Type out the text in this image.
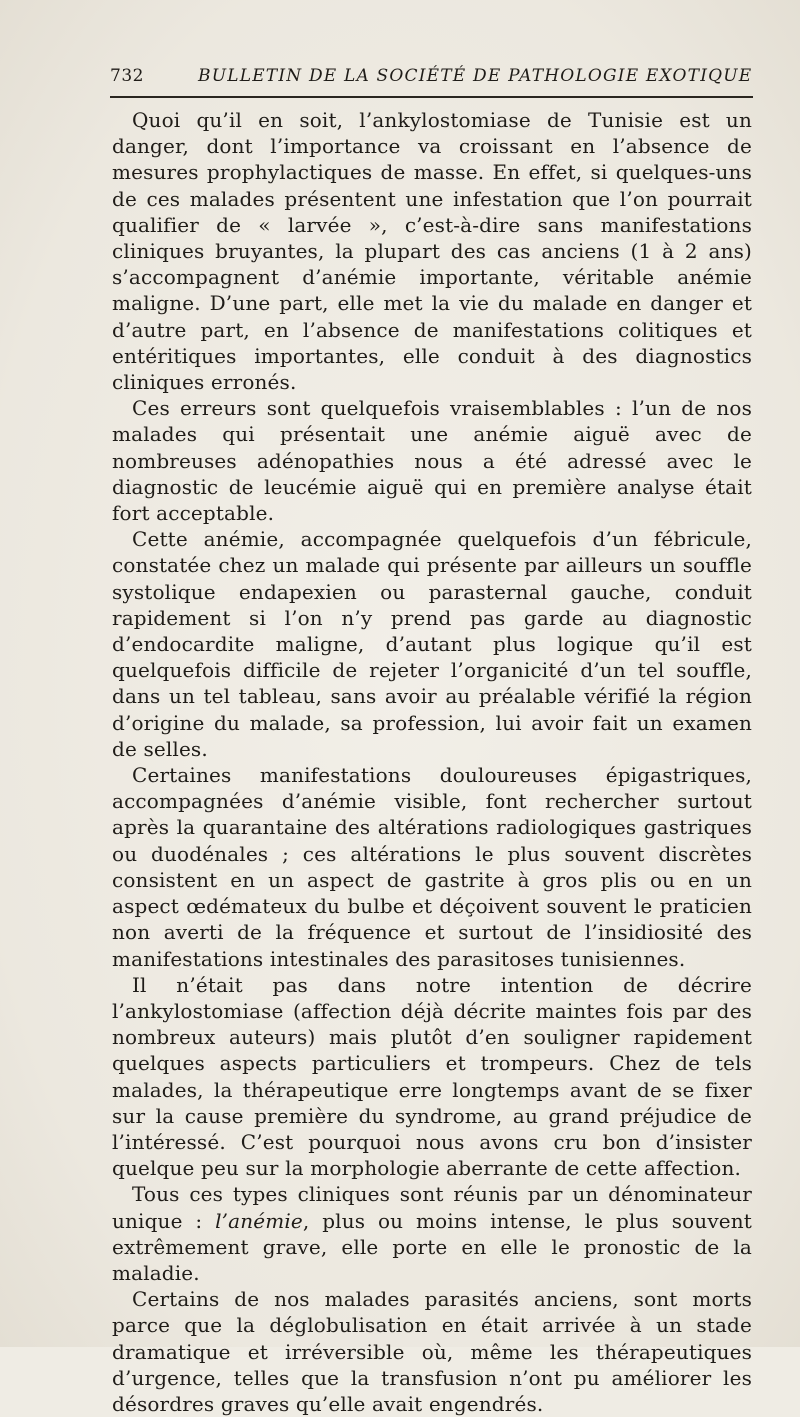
732	BULLETIN DE LA SOCIÉTÉ DE PATHOLOGIE EXOTIQUE

Quoi qu’il en soit, l’ankylostomiase de Tunisie est un danger, dont l’importance va croissant en l’absence de mesures prophylactiques de masse. En effet, si quelques-uns de ces malades présentent une infestation que l’on pourrait qualifier de « larvée », c’est-à-dire sans manifestations cliniques bruyantes, la plupart des cas anciens (1 à 2 ans) s’accompagnent d’anémie importante, véritable anémie maligne. D’une part, elle met la vie du malade en danger et d’autre part, en l’absence de manifestations colitiques et entéritiques importantes, elle conduit à des diagnostics cliniques erronés.

Ces erreurs sont quelquefois vraisemblables : l’un de nos malades qui présentait une anémie aiguë avec de nombreuses adénopathies nous a été adressé avec le diagnostic de leucémie aiguë qui en première analyse était fort acceptable.

Cette anémie, accompagnée quelquefois d’un fébricule, constatée chez un malade qui présente par ailleurs un souffle systolique endapexien ou parasternal gauche, conduit rapidement si l’on n’y prend pas garde au diagnostic d’endocardite maligne, d’autant plus logique qu’il est quelquefois difficile de rejeter l’organicité d’un tel souffle, dans un tel tableau, sans avoir au préalable vérifié la région d’origine du malade, sa profession, lui avoir fait un examen de selles.

Certaines manifestations douloureuses épigastriques, accompagnées d’anémie visible, font rechercher surtout après la quarantaine des altérations radiologiques gastriques ou duodénales ; ces altérations le plus souvent discrètes consistent en un aspect de gastrite à gros plis ou en un aspect œdémateux du bulbe et déçoivent souvent le praticien non averti de la fréquence et surtout de l’insidiosité des manifestations intestinales des parasitoses tunisiennes.

Il n’était pas dans notre intention de décrire l’ankylostomiase (affection déjà décrite maintes fois par des nombreux auteurs) mais plutôt d’en souligner rapidement quelques aspects particuliers et trompeurs. Chez de tels malades, la thérapeutique erre longtemps avant de se fixer sur la cause première du syndrome, au grand préjudice de l’intéressé. C’est pourquoi nous avons cru bon d’insister quelque peu sur la morphologie aberrante de cette affection.

Tous ces types cliniques sont réunis par un dénominateur unique : l’anémie, plus ou moins intense, le plus souvent extrêmement grave, elle porte en elle le pronostic de la maladie.

Certains de nos malades parasités anciens, sont morts parce que la déglobulisation en était arrivée à un stade dramatique et irréversible où, même les thérapeutiques d’urgence, telles que la transfusion n’ont pu améliorer les désordres graves qu’elle avait engendrés.
